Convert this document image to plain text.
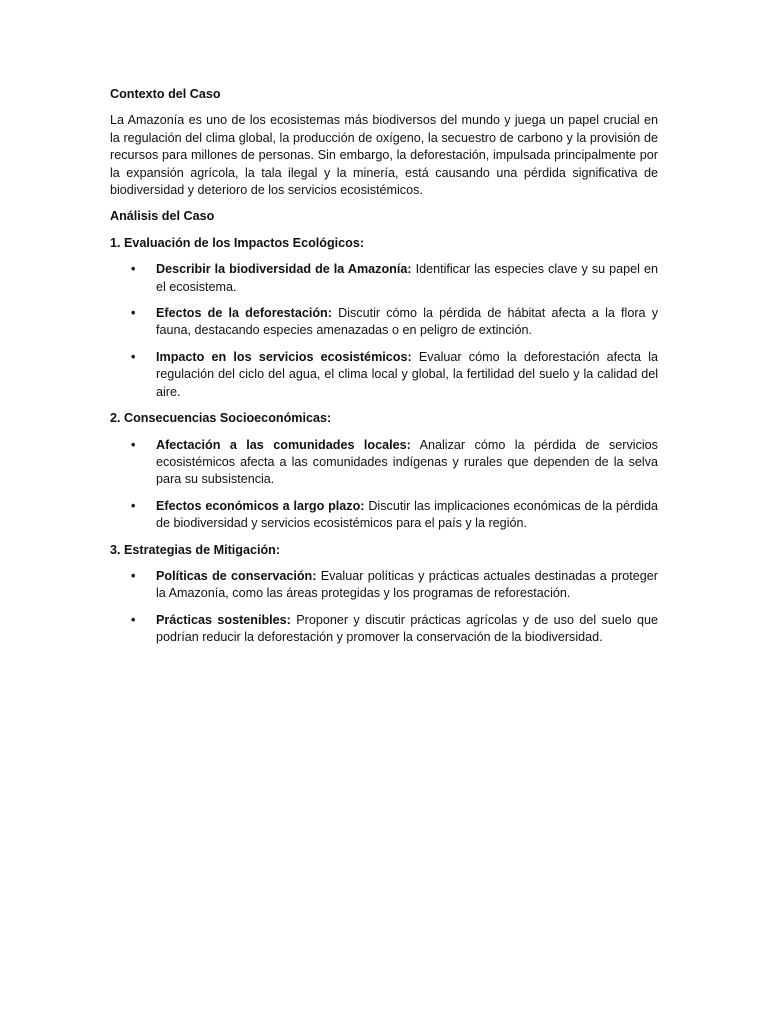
Contexto del Caso
La Amazonía es uno de los ecosistemas más biodiversos del mundo y juega un papel crucial en la regulación del clima global, la producción de oxígeno, la secuestro de carbono y la provisión de recursos para millones de personas. Sin embargo, la deforestación, impulsada principalmente por la expansión agrícola, la tala ilegal y la minería, está causando una pérdida significativa de biodiversidad y deterioro de los servicios ecosistémicos.
Análisis del Caso
1. Evaluación de los Impactos Ecológicos:
• Describir la biodiversidad de la Amazonía: Identificar las especies clave y su papel en el ecosistema.
• Efectos de la deforestación: Discutir cómo la pérdida de hábitat afecta a la flora y fauna, destacando especies amenazadas o en peligro de extinción.
• Impacto en los servicios ecosistémicos: Evaluar cómo la deforestación afecta la regulación del ciclo del agua, el clima local y global, la fertilidad del suelo y la calidad del aire.
2. Consecuencias Socioeconómicas:
• Afectación a las comunidades locales: Analizar cómo la pérdida de servicios ecosistémicos afecta a las comunidades indígenas y rurales que dependen de la selva para su subsistencia.
• Efectos económicos a largo plazo: Discutir las implicaciones económicas de la pérdida de biodiversidad y servicios ecosistémicos para el país y la región.
3. Estrategias de Mitigación:
• Políticas de conservación: Evaluar políticas y prácticas actuales destinadas a proteger la Amazonía, como las áreas protegidas y los programas de reforestación.
• Prácticas sostenibles: Proponer y discutir prácticas agrícolas y de uso del suelo que podrían reducir la deforestación y promover la conservación de la biodiversidad.
